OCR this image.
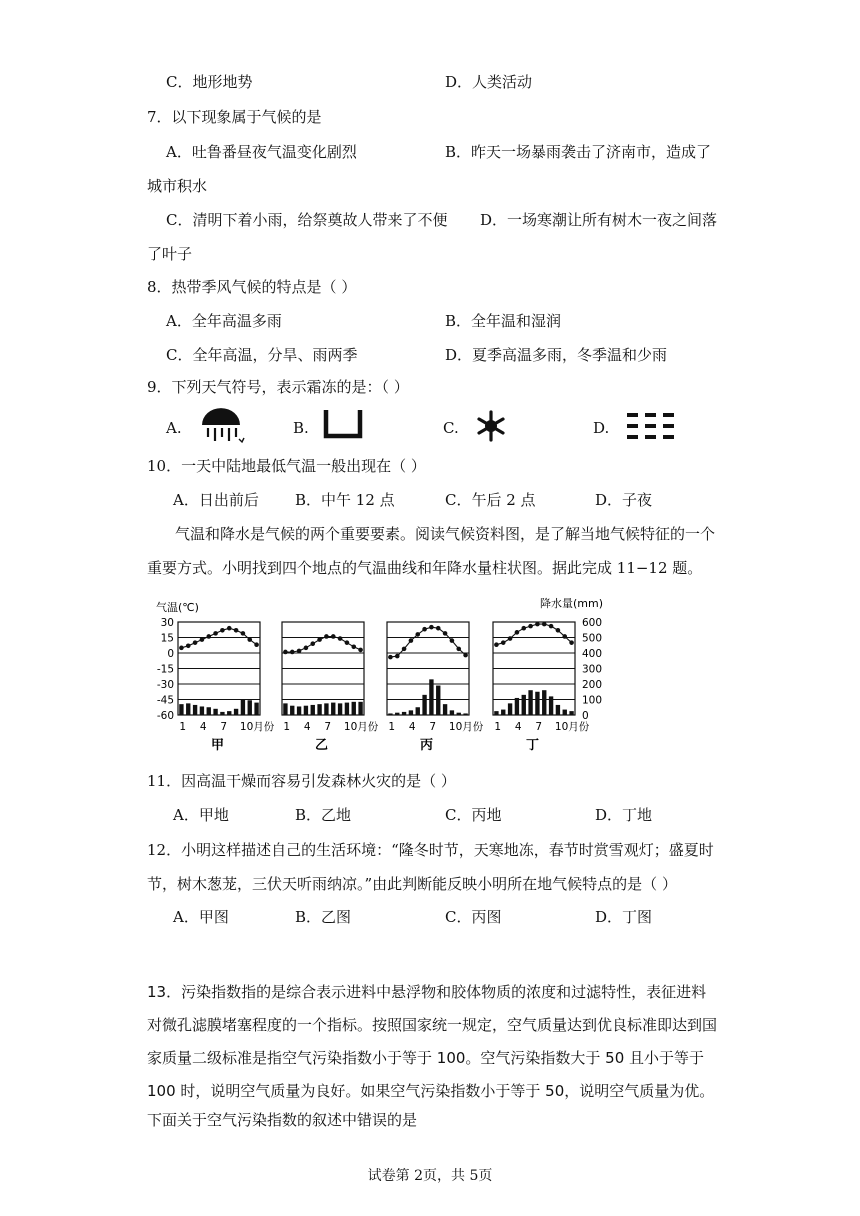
C．地形地势	D．人类活动
7．以下现象属于气候的是
A．吐鲁番昼夜气温变化剧烈	B．昨天一场暴雨袭击了济南市，造成了
城市积水
C．清明下着小雨，给祭奠故人带来了不便 D．一场寒潮让所有树木一夜之间落
了叶子
8．热带季风气候的特点是（ ）
A．全年高温多雨	B．全年温和湿润
C．全年高温，分旱、雨两季	D．夏季高温多雨，冬季温和少雨
9．下列天气符号，表示霜冻的是：（ ）
A.	B.	C.	D.
10．一天中陆地最低气温一般出现在（ ）
A．日出前后 B．中午 12 点	C．午后 2 点	D．子夜
气温和降水是气候的两个重要要素。阅读气候资料图，是了解当地气候特征的一个
重要方式。小明找到四个地点的气温曲线和年降水量柱状图。据此完成 11−12 题。
气温(℃)	降水量(mm)
30
15
0
-15
-30
-45
-60
600
500
400
300
200
100
0
1 4 7 10月份
甲
1 4 7 10月份
乙
1 4 7 10月份
丙
1 4 7 10月份
丁
11．因高温干燥而容易引发森林火灾的是（ ）
A．甲地	B．乙地	C．丙地	D．丁地
12．小明这样描述自己的生活环境：“隆冬时节，天寒地冻，春节时赏雪观灯；盛夏时
节，树木葱茏，三伏天听雨纳凉。”由此判断能反映小明所在地气候特点的是（ ）
A．甲图	B．乙图	C．丙图	D．丁图
13．污染指数指的是综合表示进料中悬浮物和胶体物质的浓度和过滤特性，表征进料对微孔滤膜堵塞程度的一个指标。按照国家统一规定，空气质量达到优良标准即达到国家质量二级标准是指空气污染指数小于等于 100。空气污染指数大于 50 且小于等于 100 时，说明空气质量为良好。如果空气污染指数小于等于 50，说明空气质量为优。
下面关于空气污染指数的叙述中错误的是
试卷第 2页，共 5页
